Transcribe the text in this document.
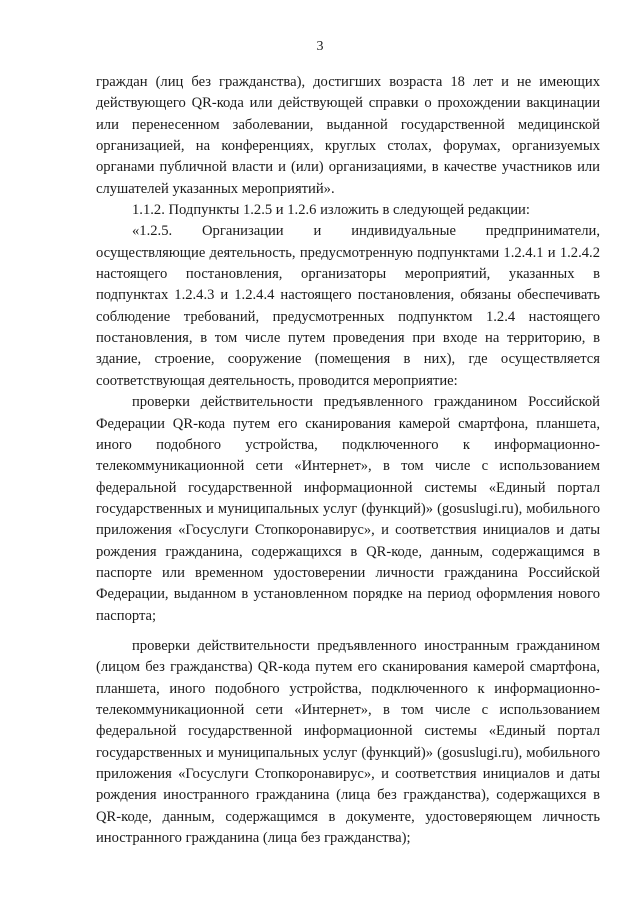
3

граждан (лиц без гражданства), достигших возраста 18 лет и не имеющих действующего QR-кода или действующей справки о прохождении вакцинации или перенесенном заболевании, выданной государственной медицинской организацией, на конференциях, круглых столах, форумах, организуемых органами публичной власти и (или) организациями, в качестве участников или слушателей указанных мероприятий».

1.1.2. Подпункты 1.2.5 и 1.2.6 изложить в следующей редакции:

«1.2.5. Организации и индивидуальные предприниматели, осуществляющие деятельность, предусмотренную подпунктами 1.2.4.1 и 1.2.4.2 настоящего постановления, организаторы мероприятий, указанных в подпунктах 1.2.4.3 и 1.2.4.4 настоящего постановления, обязаны обеспечивать соблюдение требований, предусмотренных подпунктом 1.2.4 настоящего постановления, в том числе путем проведения при входе на территорию, в здание, строение, сооружение (помещения в них), где осуществляется соответствующая деятельность, проводится мероприятие:

проверки действительности предъявленного гражданином Российской Федерации QR-кода путем его сканирования камерой смартфона, планшета, иного подобного устройства, подключенного к информационно-телекоммуникационной сети «Интернет», в том числе с использованием федеральной государственной информационной системы «Единый портал государственных и муниципальных услуг (функций)» (gosuslugi.ru), мобильного приложения «Госуслуги Стопкоронавирус», и соответствия инициалов и даты рождения гражданина, содержащихся в QR-коде, данным, содержащимся в паспорте или временном удостоверении личности гражданина Российской Федерации, выданном в установленном порядке на период оформления нового паспорта;

проверки действительности предъявленного иностранным гражданином (лицом без гражданства) QR-кода путем его сканирования камерой смартфона, планшета, иного подобного устройства, подключенного к информационно-телекоммуникационной сети «Интернет», в том числе с использованием федеральной государственной информационной системы «Единый портал государственных и муниципальных услуг (функций)» (gosuslugi.ru), мобильного приложения «Госуслуги Стопкоронавирус», и соответствия инициалов и даты рождения иностранного гражданина (лица без гражданства), содержащихся в QR-коде, данным, содержащимся в документе, удостоверяющем личность иностранного гражданина (лица без гражданства);
